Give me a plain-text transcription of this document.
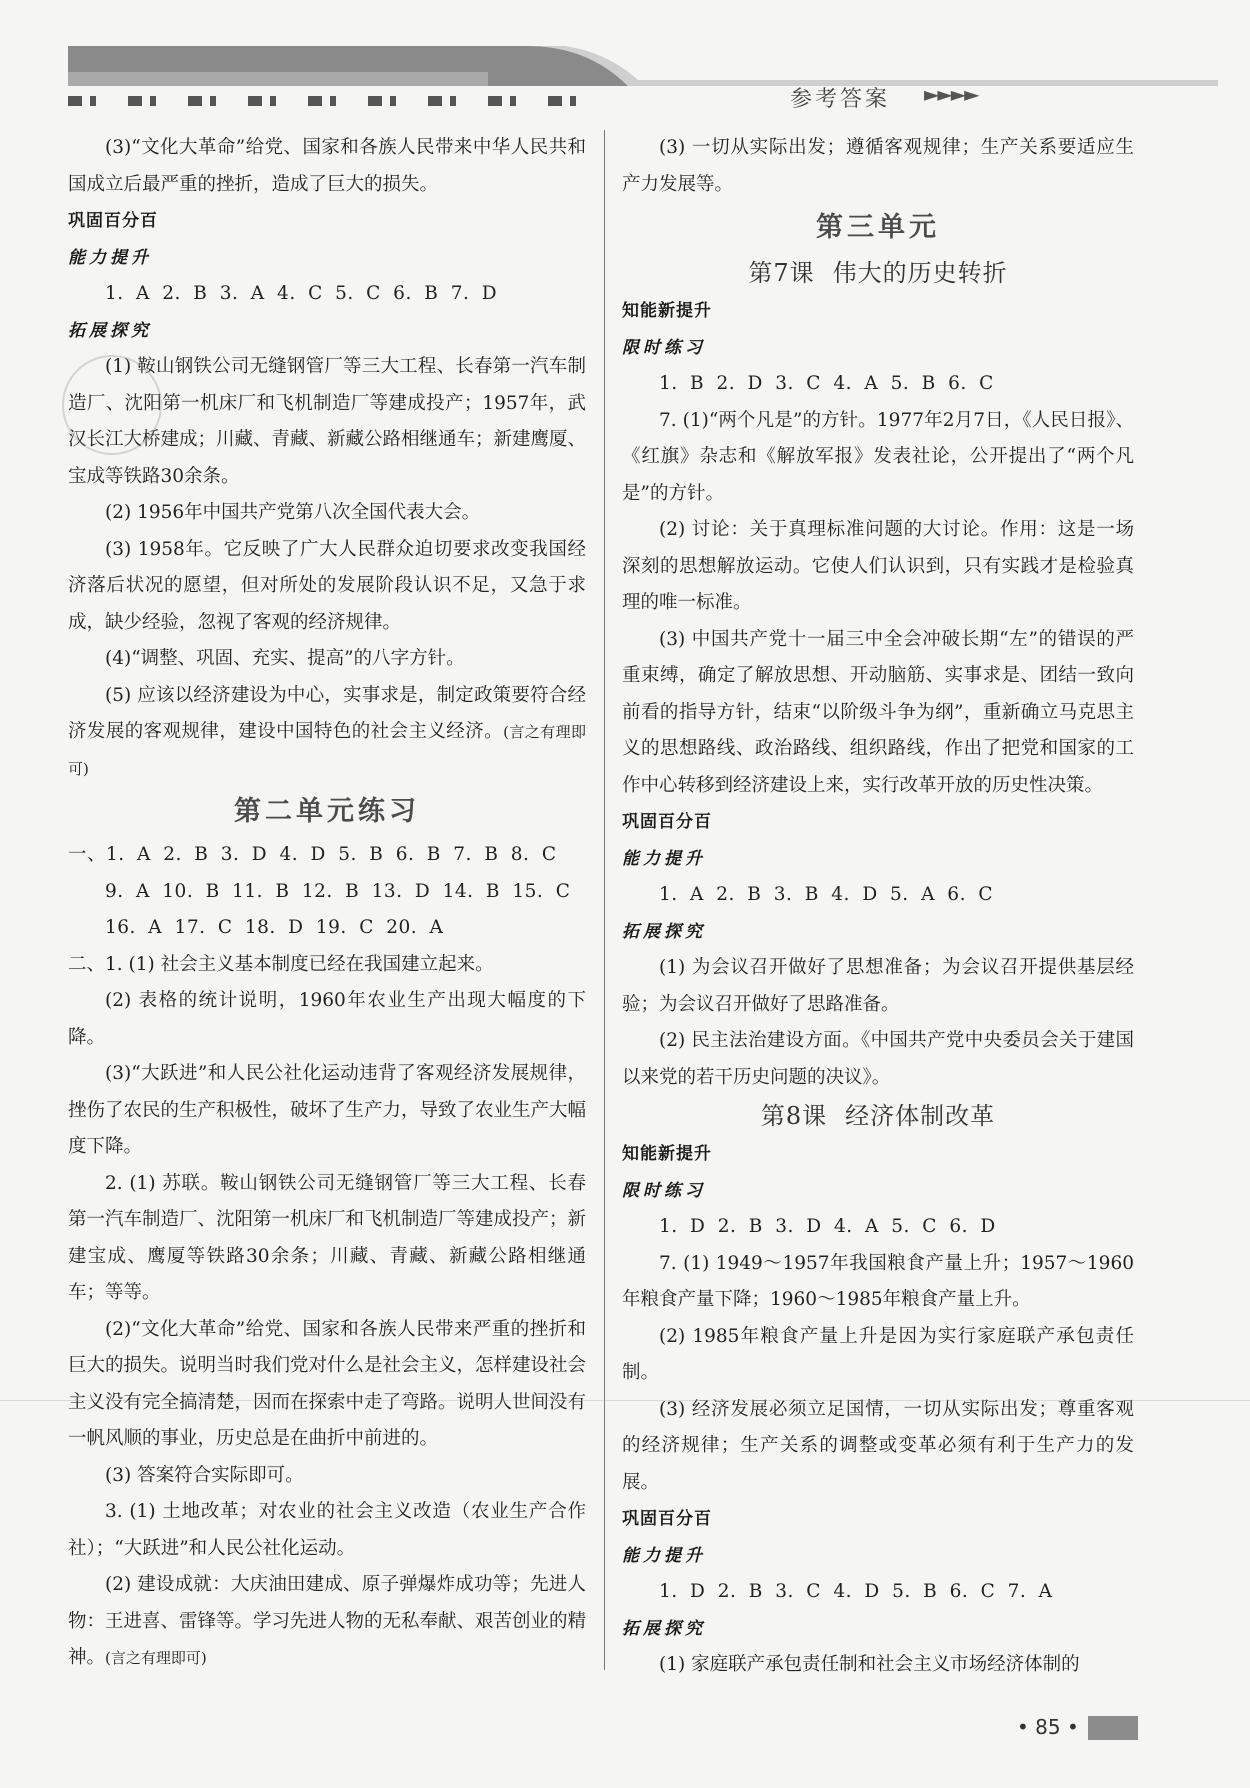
参考答案 ►►►►

(3)“文化大革命”给党、国家和各族人民带来中华人民共和国成立后最严重的挫折，造成了巨大的损失。

巩固百分百

能力提升

1. A 2. B 3. A 4. C 5. C 6. B 7. D

拓展探究

(1) 鞍山钢铁公司无缝钢管厂等三大工程、长春第一汽车制造厂、沈阳第一机床厂和飞机制造厂等建成投产；1957年，武汉长江大桥建成；川藏、青藏、新藏公路相继通车；新建鹰厦、宝成等铁路30余条。

(2) 1956年中国共产党第八次全国代表大会。

(3) 1958年。它反映了广大人民群众迫切要求改变我国经济落后状况的愿望，但对所处的发展阶段认识不足，又急于求成，缺少经验，忽视了客观的经济规律。

(4)“调整、巩固、充实、提高”的八字方针。

(5) 应该以经济建设为中心，实事求是，制定政策要符合经济发展的客观规律，建设中国特色的社会主义经济。(言之有理即可)

第二单元练习

一、1. A 2. B 3. D 4. D 5. B 6. B 7. B 8. C

9. A 10. B 11. B 12. B 13. D 14. B 15. C

16. A 17. C 18. D 19. C 20. A

二、1. (1) 社会主义基本制度已经在我国建立起来。

(2) 表格的统计说明，1960年农业生产出现大幅度的下降。

(3)“大跃进”和人民公社化运动违背了客观经济发展规律，挫伤了农民的生产积极性，破坏了生产力，导致了农业生产大幅度下降。

2. (1) 苏联。鞍山钢铁公司无缝钢管厂等三大工程、长春第一汽车制造厂、沈阳第一机床厂和飞机制造厂等建成投产；新建宝成、鹰厦等铁路30余条；川藏、青藏、新藏公路相继通车；等等。

(2)“文化大革命”给党、国家和各族人民带来严重的挫折和巨大的损失。说明当时我们党对什么是社会主义，怎样建设社会主义没有完全搞清楚，因而在探索中走了弯路。说明人世间没有一帆风顺的事业，历史总是在曲折中前进的。

(3) 答案符合实际即可。

3. (1) 土地改革；对农业的社会主义改造（农业生产合作社）；“大跃进”和人民公社化运动。

(2) 建设成就：大庆油田建成、原子弹爆炸成功等；先进人物：王进喜、雷锋等。学习先进人物的无私奉献、艰苦创业的精神。(言之有理即可)

(3) 一切从实际出发；遵循客观规律；生产关系要适应生产力发展等。

第三单元

第7课 伟大的历史转折

知能新提升

限时练习

1. B 2. D 3. C 4. A 5. B 6. C

7. (1)“两个凡是”的方针。1977年2月7日，《人民日报》、《红旗》杂志和《解放军报》发表社论，公开提出了“两个凡是”的方针。

(2) 讨论：关于真理标准问题的大讨论。作用：这是一场深刻的思想解放运动。它使人们认识到，只有实践才是检验真理的唯一标准。

(3) 中国共产党十一届三中全会冲破长期“左”的错误的严重束缚，确定了解放思想、开动脑筋、实事求是、团结一致向前看的指导方针，结束“以阶级斗争为纲”，重新确立马克思主义的思想路线、政治路线、组织路线，作出了把党和国家的工作中心转移到经济建设上来，实行改革开放的历史性决策。

巩固百分百

能力提升

1. A 2. B 3. B 4. D 5. A 6. C

拓展探究

(1) 为会议召开做好了思想准备；为会议召开提供基层经验；为会议召开做好了思路准备。

(2) 民主法治建设方面。《中国共产党中央委员会关于建国以来党的若干历史问题的决议》。

第8课 经济体制改革

知能新提升

限时练习

1. D 2. B 3. D 4. A 5. C 6. D

7. (1) 1949～1957年我国粮食产量上升；1957～1960年粮食产量下降；1960～1985年粮食产量上升。

(2) 1985年粮食产量上升是因为实行家庭联产承包责任制。

(3) 经济发展必须立足国情，一切从实际出发；尊重客观的经济规律；生产关系的调整或变革必须有利于生产力的发展。

巩固百分百

能力提升

1. D 2. B 3. C 4. D 5. B 6. C 7. A

拓展探究

(1) 家庭联产承包责任制和社会主义市场经济体制的

• 85 •
